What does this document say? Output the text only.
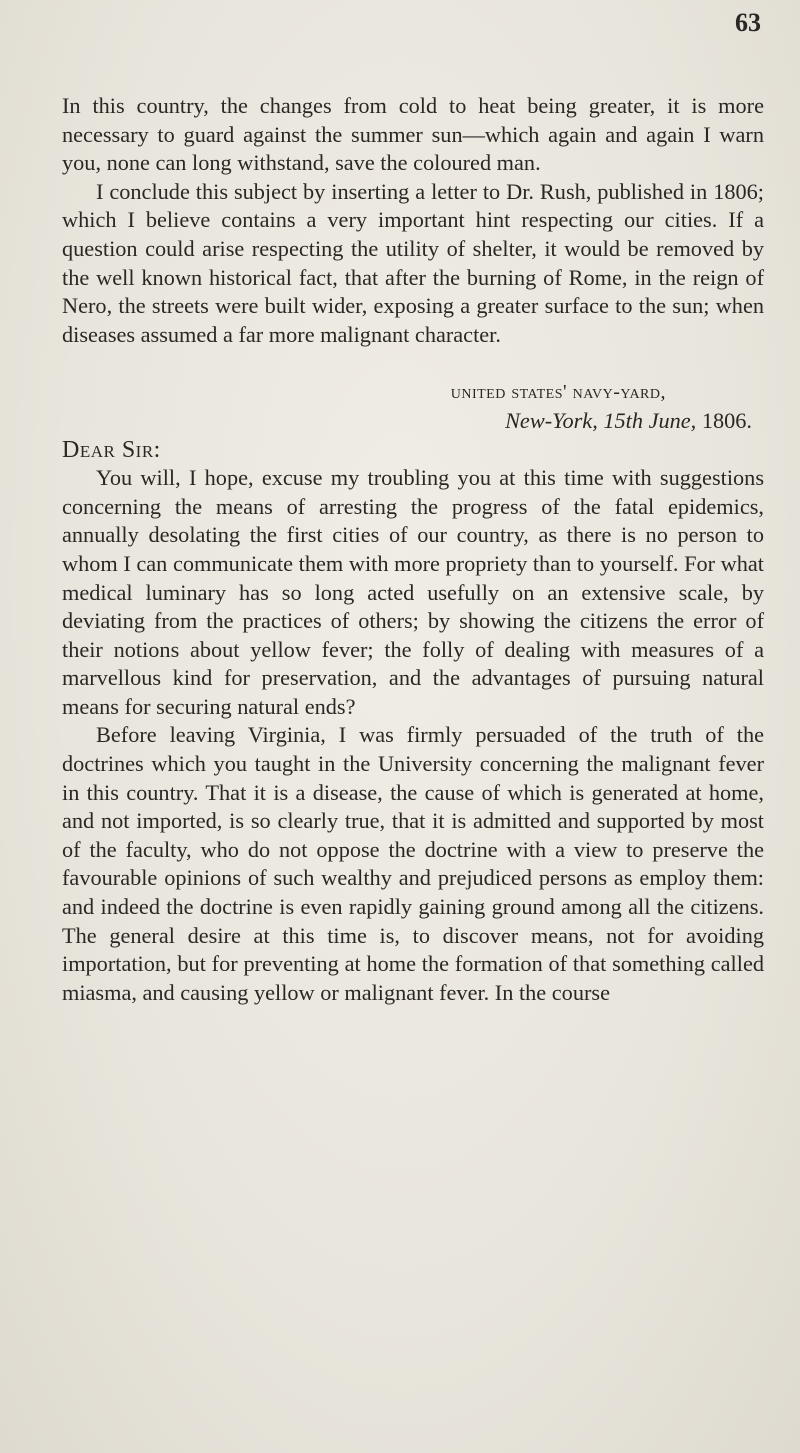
63

In this country, the changes from cold to heat being greater, it is more necessary to guard against the summer sun—which again and again I warn you, none can long withstand, save the coloured man.

I conclude this subject by inserting a letter to Dr. Rush, published in 1806; which I believe contains a very important hint respecting our cities. If a question could arise respecting the utility of shelter, it would be removed by the well known historical fact, that after the burning of Rome, in the reign of Nero, the streets were built wider, exposing a greater surface to the sun; when diseases assumed a far more malignant character.

united states' navy-yard,
New-York, 15th June, 1806.

Dear Sir:

You will, I hope, excuse my troubling you at this time with suggestions concerning the means of arresting the progress of the fatal epidemics, annually desolating the first cities of our country, as there is no person to whom I can communicate them with more propriety than to yourself. For what medical luminary has so long acted usefully on an extensive scale, by deviating from the practices of others; by showing the citizens the error of their notions about yellow fever; the folly of dealing with measures of a marvellous kind for preservation, and the advantages of pursuing natural means for securing natural ends?

Before leaving Virginia, I was firmly persuaded of the truth of the doctrines which you taught in the University concerning the malignant fever in this country. That it is a disease, the cause of which is generated at home, and not imported, is so clearly true, that it is admitted and supported by most of the faculty, who do not oppose the doctrine with a view to preserve the favourable opinions of such wealthy and prejudiced persons as employ them: and indeed the doctrine is even rapidly gaining ground among all the citizens. The general desire at this time is, to discover means, not for avoiding importation, but for preventing at home the formation of that something called miasma, and causing yellow or malignant fever. In the course
